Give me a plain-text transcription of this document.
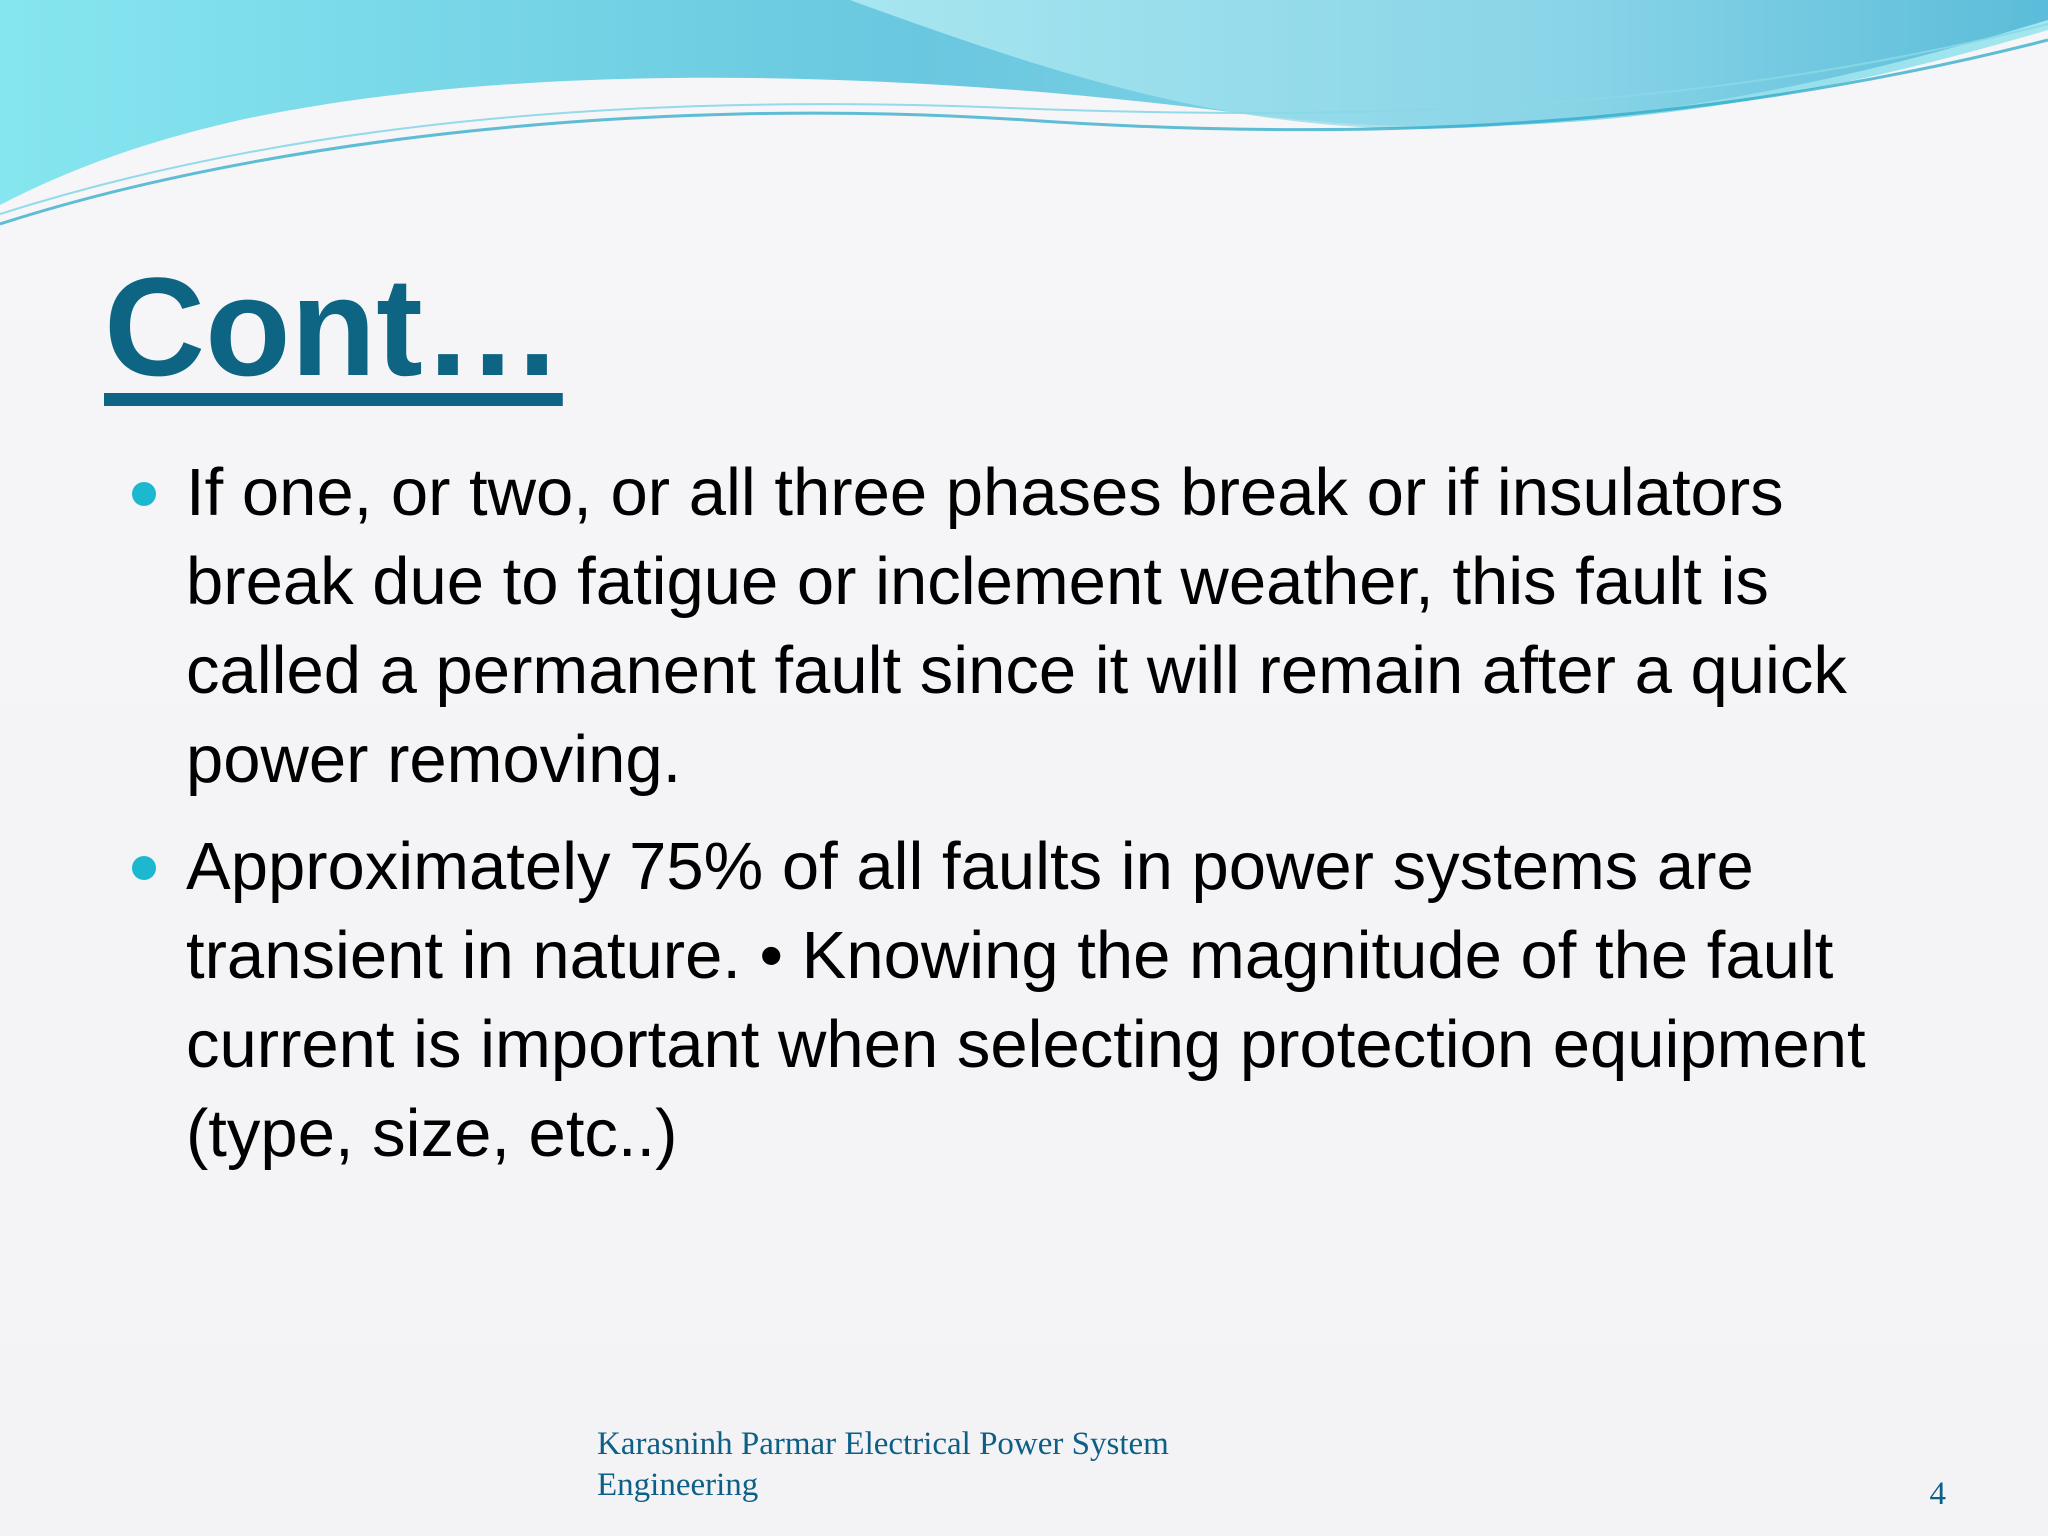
Cont…
If one, or two, or all three phases break or if insulators break due to fatigue or inclement weather, this fault is called a permanent fault since it will remain after a quick power removing.
Approximately 75% of all faults in power systems are transient in nature. • Knowing the magnitude of the fault current is important when selecting protection equipment (type, size, etc..)
Karasninh Parmar Electrical Power System Engineering	4
